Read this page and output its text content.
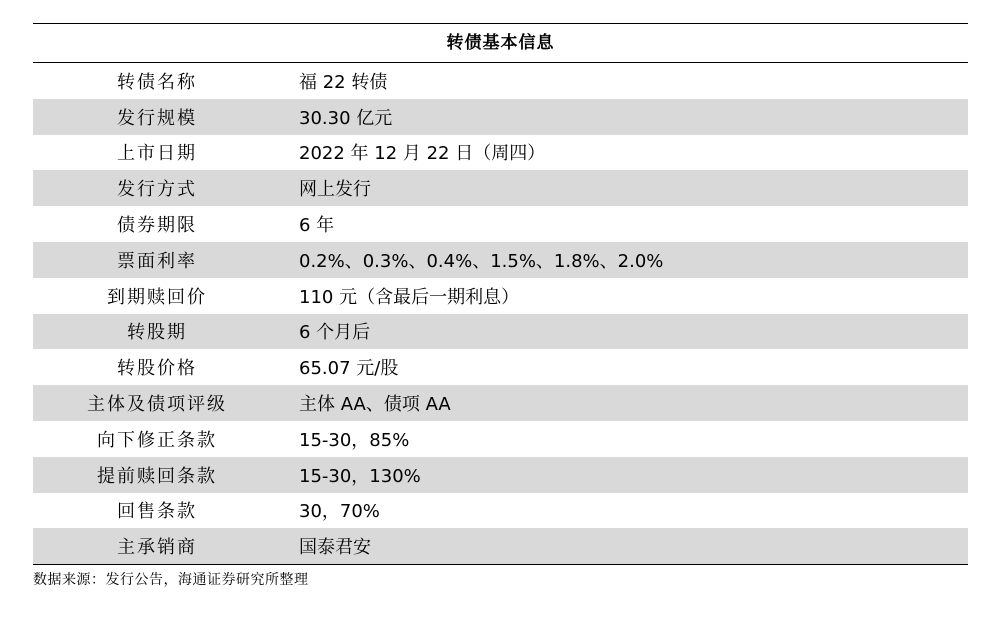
转债基本信息
转债名称	福 22 转债
发行规模	30.30 亿元
上市日期	2022 年 12 月 22 日（周四）
发行方式	网上发行
债券期限	6 年
票面利率	0.2%、0.3%、0.4%、1.5%、1.8%、2.0%
到期赎回价	110 元（含最后一期利息）
转股期	6 个月后
转股价格	65.07 元/股
主体及债项评级	主体 AA、债项 AA
向下修正条款	15-30，85%
提前赎回条款	15-30，130%
回售条款	30，70%
主承销商	国泰君安
数据来源：发行公告，海通证券研究所整理
